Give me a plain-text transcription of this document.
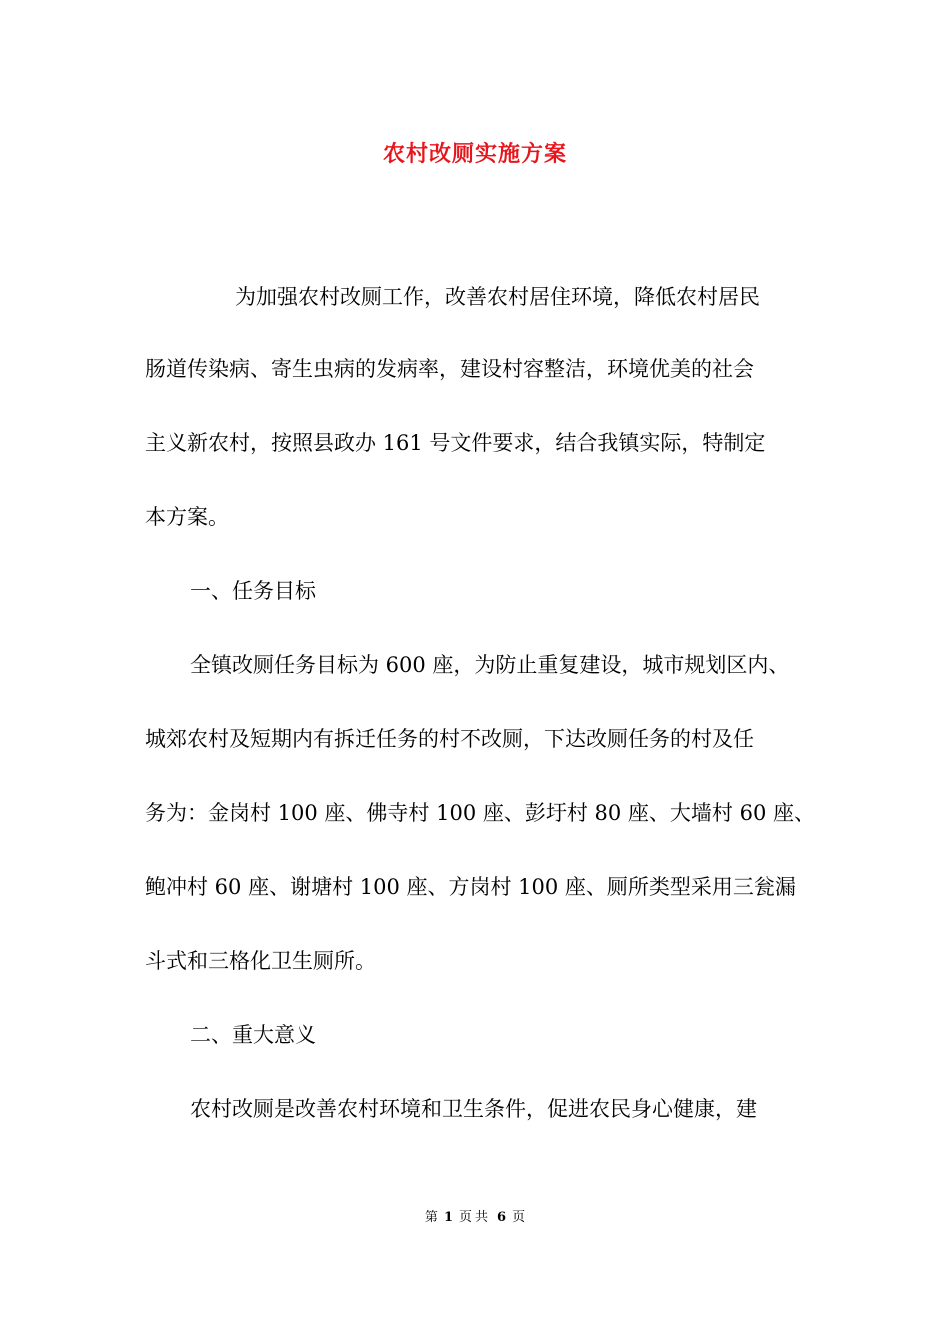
农村改厕实施方案
为加强农村改厕工作，改善农村居住环境，降低农村居民
肠道传染病、寄生虫病的发病率，建设村容整洁，环境优美的社会
主义新农村，按照县政办 161 号文件要求，结合我镇实际，特制定
本方案。
一、任务目标
全镇改厕任务目标为 600 座，为防止重复建设，城市规划区内、
城郊农村及短期内有拆迁任务的村不改厕，下达改厕任务的村及任
务为：金岗村 100 座、佛寺村 100 座、彭圩村 80 座、大墙村 60 座、
鲍冲村 60 座、谢塘村 100 座、方岗村 100 座、厕所类型采用三瓮漏
斗式和三格化卫生厕所。
二、重大意义
农村改厕是改善农村环境和卫生条件，促进农民身心健康，建
第 1 页 共 6 页
